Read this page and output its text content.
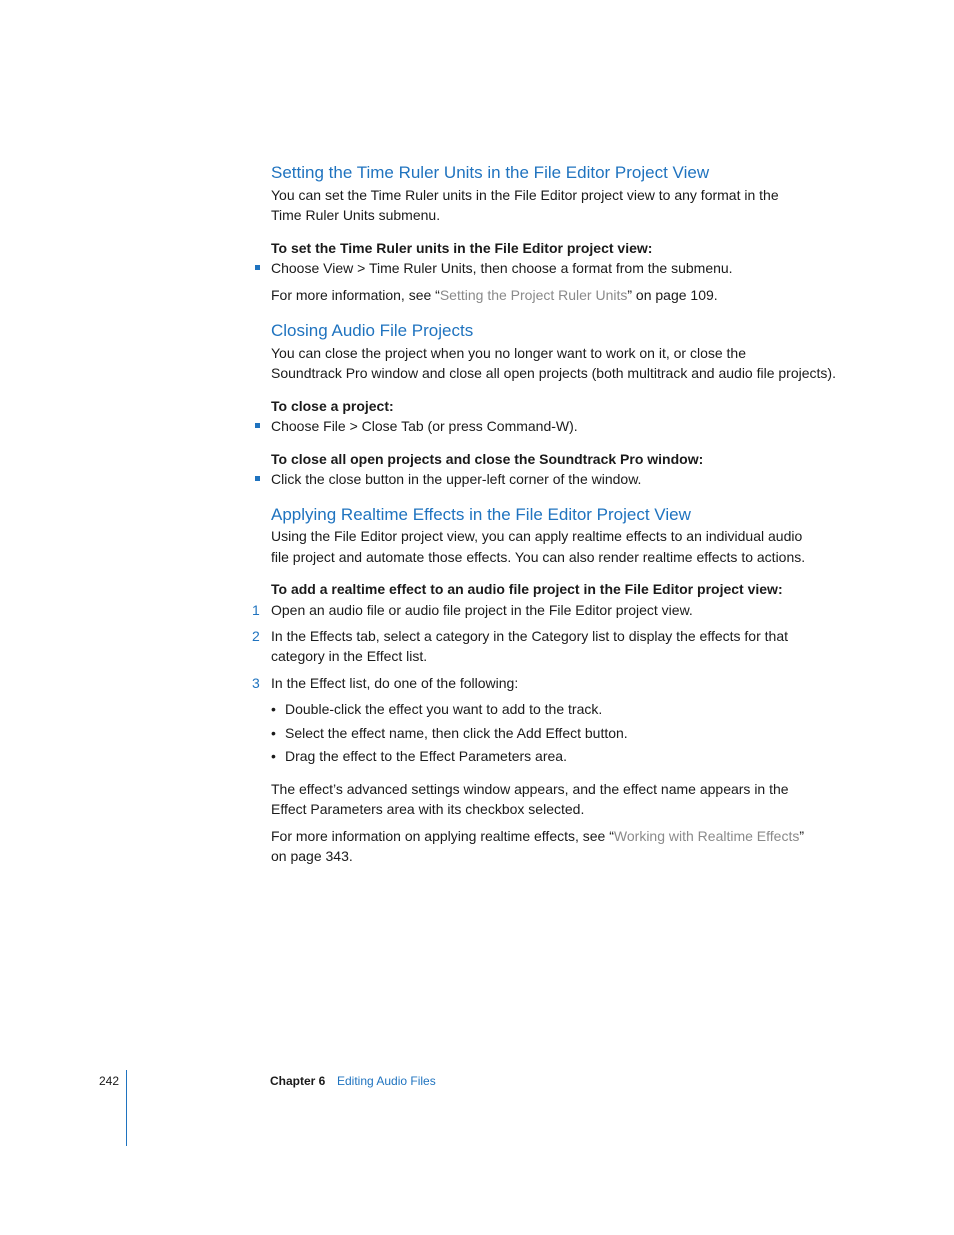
Setting the Time Ruler Units in the File Editor Project View
You can set the Time Ruler units in the File Editor project view to any format in the
Time Ruler Units submenu.
To set the Time Ruler units in the File Editor project view:
Choose View > Time Ruler Units, then choose a format from the submenu.
For more information, see “Setting the Project Ruler Units” on page 109.
Closing Audio File Projects
You can close the project when you no longer want to work on it, or close the
Soundtrack Pro window and close all open projects (both multitrack and audio file projects).
To close a project:
Choose File > Close Tab (or press Command-W).
To close all open projects and close the Soundtrack Pro window:
Click the close button in the upper-left corner of the window.
Applying Realtime Effects in the File Editor Project View
Using the File Editor project view, you can apply realtime effects to an individual audio
file project and automate those effects. You can also render realtime effects to actions.
To add a realtime effect to an audio file project in the File Editor project view:
1 Open an audio file or audio file project in the File Editor project view.
2 In the Effects tab, select a category in the Category list to display the effects for that
category in the Effect list.
3 In the Effect list, do one of the following:
• Double-click the effect you want to add to the track.
• Select the effect name, then click the Add Effect button.
• Drag the effect to the Effect Parameters area.
The effect’s advanced settings window appears, and the effect name appears in the
Effect Parameters area with its checkbox selected.
For more information on applying realtime effects, see “Working with Realtime Effects”
on page 343.
242	Chapter 6 Editing Audio Files
